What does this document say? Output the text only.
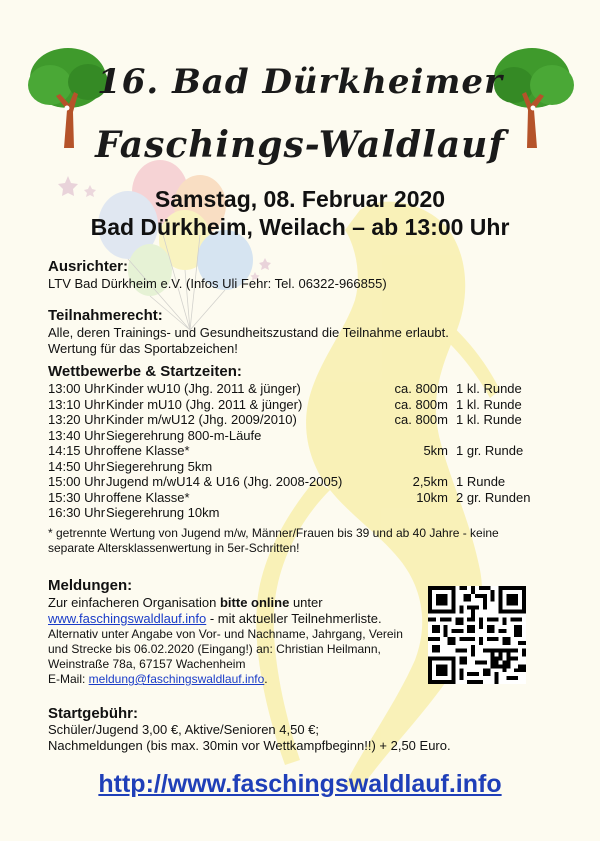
16. Bad Dürkheimer
Faschings-Waldlauf
Samstag, 08. Februar 2020
Bad Dürkheim, Weilach – ab 13:00 Uhr
Ausrichter:
LTV Bad Dürkheim e.V. (Infos Uli Fehr: Tel. 06322-966855)
Teilnahmerecht:
Alle, deren Trainings- und Gesundheitszustand die Teilnahme erlaubt.
Wertung für das Sportabzeichen!
Wettbewerbe & Startzeiten:
13:00 Uhr Kinder wU10 (Jhg. 2011 & jünger)	ca. 800m 1 kl. Runde
13:10 Uhr Kinder mU10 (Jhg. 2011 & jünger)	ca. 800m 1 kl. Runde
13:20 Uhr Kinder m/wU12 (Jhg. 2009/2010)	ca. 800m 1 kl. Runde
13:40 Uhr Siegerehrung 800-m-Läufe
14:15 Uhr offene Klasse*	5km 1 gr. Runde
14:50 Uhr Siegerehrung 5km
15:00 Uhr Jugend m/wU14 & U16 (Jhg. 2008-2005)	2,5km 1 Runde
15:30 Uhr offene Klasse*	10km 2 gr. Runden
16:30 Uhr Siegerehrung 10km
* getrennte Wertung von Jugend m/w, Männer/Frauen bis 39 und ab 40 Jahre - keine
separate Altersklassenwertung in 5er-Schritten!
Meldungen:
Zur einfacheren Organisation bitte online unter
www.faschingswaldlauf.info - mit aktueller Teilnehmerliste.
Alternativ unter Angabe von Vor- und Nachname, Jahrgang, Verein
und Strecke bis 06.02.2020 (Eingang!) an: Christian Heilmann,
Weinstraße 78a, 67157 Wachenheim
E-Mail: meldung@faschingswaldlauf.info.
Startgebühr:
Schüler/Jugend 3,00 €, Aktive/Senioren 4,50 €;
Nachmeldungen (bis max. 30min vor Wettkampfbeginn!!) + 2,50 Euro.
http://www.faschingswaldlauf.info
